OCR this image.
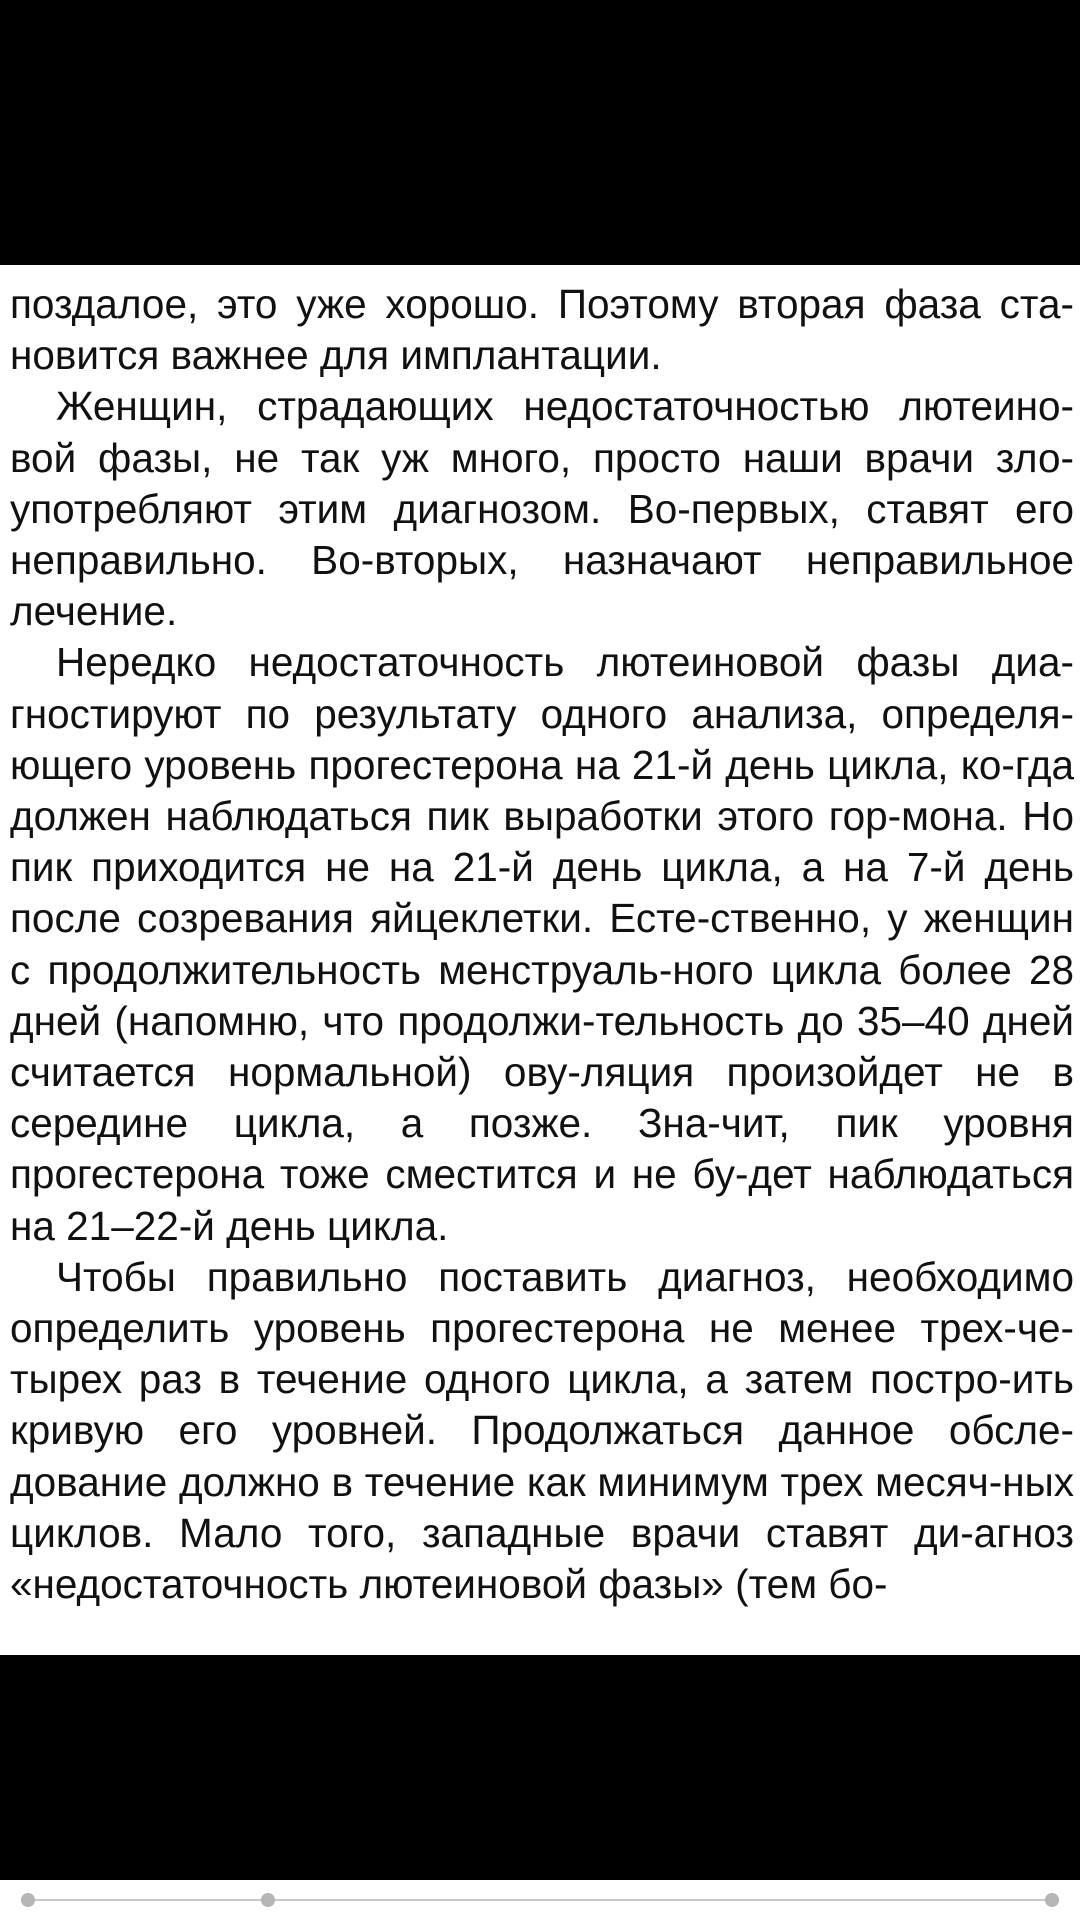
поздалое, это уже хорошо. Поэтому вторая фаза ста-новится важнее для имплантации.

Женщин, страдающих недостаточностью лютеино-вой фазы, не так уж много, просто наши врачи зло-употребляют этим диагнозом. Во-первых, ставят его неправильно. Во-вторых, назначают неправильное лечение.

Нередко недостаточность лютеиновой фазы диа-гностируют по результату одного анализа, определя-ющего уровень прогестерона на 21-й день цикла, ко-гда должен наблюдаться пик выработки этого гор-мона. Но пик приходится не на 21-й день цикла, а на 7-й день после созревания яйцеклетки. Есте-ственно, у женщин с продолжительность менструаль-ного цикла более 28 дней (напомню, что продолжи-тельность до 35–40 дней считается нормальной) ову-ляция произойдет не в середине цикла, а позже. Зна-чит, пик уровня прогестерона тоже сместится и не бу-дет наблюдаться на 21–22-й день цикла.

Чтобы правильно поставить диагноз, необходимо определить уровень прогестерона не менее трех-че-тырех раз в течение одного цикла, а затем постро-ить кривую его уровней. Продолжаться данное обсле-дование должно в течение как минимум трех месяч-ных циклов. Мало того, западные врачи ставят ди-агноз «недостаточность лютеиновой фазы» (тем бо-
